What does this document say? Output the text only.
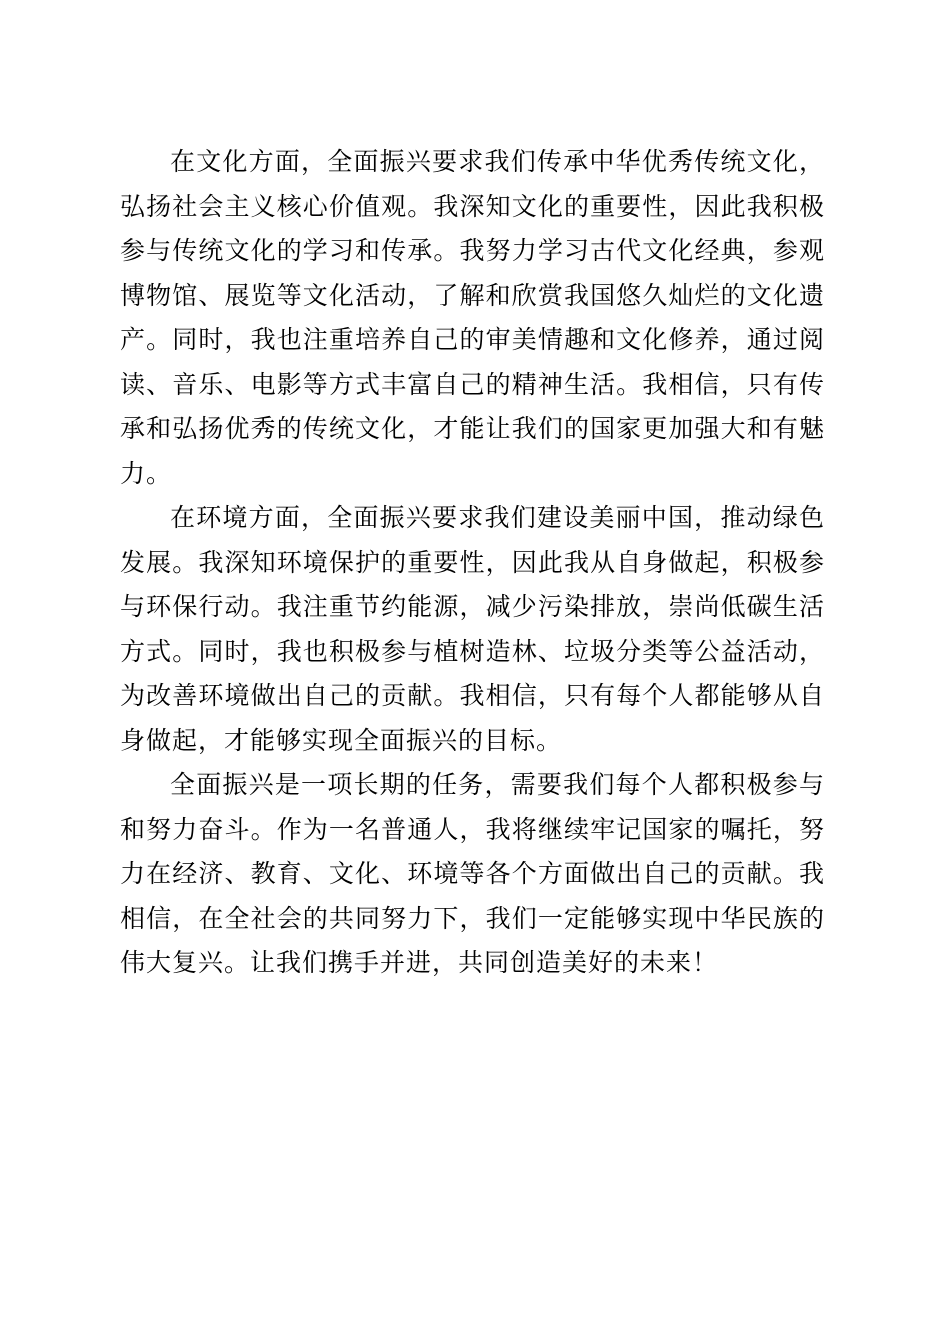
在文化方面，全面振兴要求我们传承中华优秀传统文化，弘扬社会主义核心价值观。我深知文化的重要性，因此我积极参与传统文化的学习和传承。我努力学习古代文化经典，参观博物馆、展览等文化活动，了解和欣赏我国悠久灿烂的文化遗产。同时，我也注重培养自己的审美情趣和文化修养，通过阅读、音乐、电影等方式丰富自己的精神生活。我相信，只有传承和弘扬优秀的传统文化，才能让我们的国家更加强大和有魅力。

在环境方面，全面振兴要求我们建设美丽中国，推动绿色发展。我深知环境保护的重要性，因此我从自身做起，积极参与环保行动。我注重节约能源，减少污染排放，崇尚低碳生活方式。同时，我也积极参与植树造林、垃圾分类等公益活动，为改善环境做出自己的贡献。我相信，只有每个人都能够从自身做起，才能够实现全面振兴的目标。

全面振兴是一项长期的任务，需要我们每个人都积极参与和努力奋斗。作为一名普通人，我将继续牢记国家的嘱托，努力在经济、教育、文化、环境等各个方面做出自己的贡献。我相信，在全社会的共同努力下，我们一定能够实现中华民族的伟大复兴。让我们携手并进，共同创造美好的未来！
